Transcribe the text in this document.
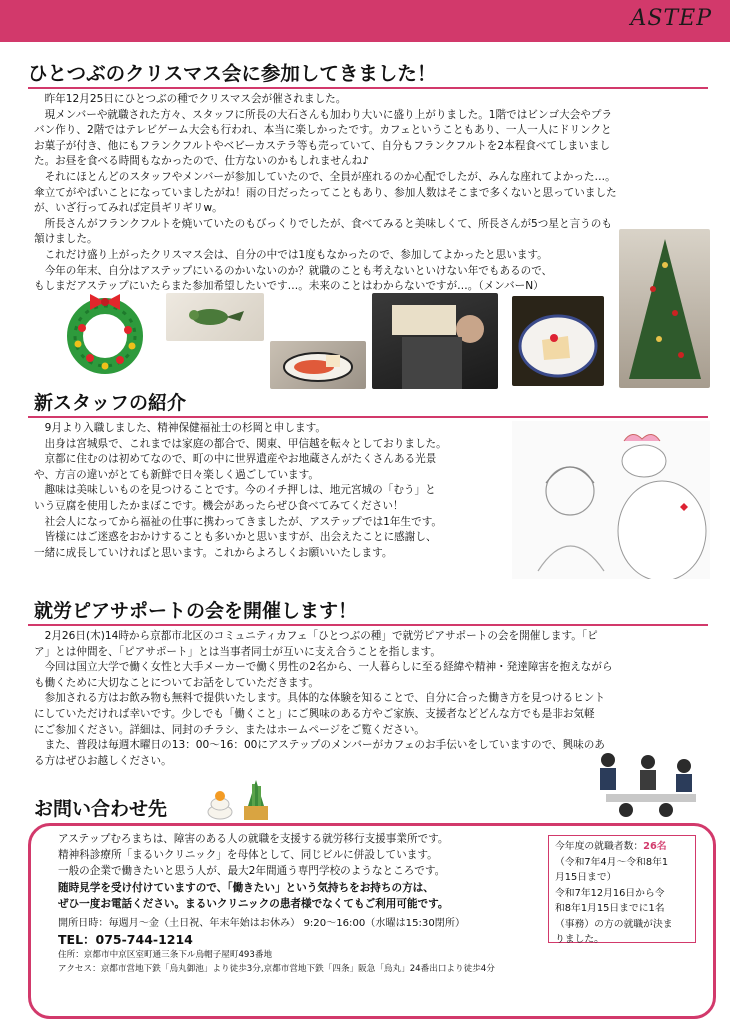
ASTEP
ひとつぶのクリスマス会に参加してきました！

昨年12月25日にひとつぶの種でクリスマス会が催されました。

現メンバーや就職された方々、スタッフに所長の大石さんも加わり大いに盛り上がりました。1階ではビンゴ大会やプラ

バン作り、2階ではテレビゲーム大会も行われ、本当に楽しかったです。カフェということもあり、一人一人にドリンクと

お菓子が付き、他にもフランクフルトやベビーカステラ等も売っていて、自分もフランクフルトを2本程食べてしまいまし

た。お昼を食べる時間もなかったので、仕方ないのかもしれませんね♪

それにほとんどのスタッフやメンバーが参加していたので、全員が座れるのか心配でしたが、みんな座れてよかった…。

傘立てがやばいことになっていましたがね！雨の日だったってこともあり、参加人数はそこまで多くないと思っていました

が、いざ行ってみれば定員ギリギリw。

所長さんがフランクフルトを焼いていたのもびっくりでしたが、食べてみると美味しくて、所長さんが5つ星と言うのも

頷けました。

これだけ盛り上がったクリスマス会は、自分の中では1度もなかったので、参加してよかったと思います。

今年の年末、自分はアステップにいるのかいないのか？就職のことも考えないといけない年でもあるので、

もしまだアステップにいたらまた参加希望したいです…。未来のことはわからないですが…。（メンバーN）

新スタッフの紹介

9月より入職しました、精神保健福祉士の杉岡と申します。

出身は宮城県で、これまでは家庭の都合で、関東、甲信越を転々としておりました。

京都に住むのは初めてなので、町の中に世界遺産やお地蔵さんがたくさんある光景

や、方言の違いがとても新鮮で日々楽しく過ごしています。

趣味は美味しいものを見つけることです。今のイチ押しは、地元宮城の「むう」と

いう豆腐を使用したかまぼこです。機会があったらぜひ食べてみてください！

社会人になってから福祉の仕事に携わってきましたが、アステップでは1年生です。

皆様にはご迷惑をおかけすることも多いかと思いますが、出会えたことに感謝し、

一緒に成長していければと思います。これからよろしくお願いいたします。

就労ピアサポートの会を開催します！

2月26日(木)14時から京都市北区のコミュニティカフェ「ひとつぶの種」で就労ピアサポートの会を開催します。「ピ

ア」とは仲間を、「ピアサポート」とは当事者同士が互いに支え合うことを指します。

今回は国立大学で働く女性と大手メーカーで働く男性の2名から、一人暮らしに至る経緯や精神・発達障害を抱えながら

も働くために大切なことについてお話をしていただきます。

参加される方はお飲み物も無料で提供いたします。具体的な体験を知ることで、自分に合った働き方を見つけるヒント

にしていただければ幸いです。少しでも「働くこと」にご興味のある方やご家族、支援者などどんな方でも是非お気軽

にご参加ください。詳細は、同封のチラシ、またはホームページをご覧ください。

また、普段は毎週木曜日の13：00〜16：00にアステップのメンバーがカフェのお手伝いをしていますので、興味のあ

る方はぜひお越しください。

お問い合わせ先
アステップむろまちは、障害のある人の就職を支援する就労移行支援事業所です。
精神科診療所「まるいクリニック」を母体として、同じビルに併設しています。
一般の企業で働きたいと思う人が、最大2年間通う専門学校のようなところです。
随時見学を受け付けていますので、「働きたい」という気持ちをお持ちの方は、
ぜひ一度お電話ください。まるいクリニックの患者様でなくてもご利用可能です。
開所日時：毎週月〜金（土日祝、年末年始はお休み） 9:20〜16:00（水曜は15:30閉所）
TEL：075-744-1214
住所：京都市中京区室町通三条下ル烏帽子屋町493番地
アクセス：京都市営地下鉄「烏丸御池」より徒歩3分,京都市営地下鉄「四条」阪急「烏丸」24番出口より徒歩4分
今年度の就職者数：26名
（令和7年4月〜令和8年1
月15日まで）
令和7年12月16日から令
和8年1月15日までに1名
（事務）の方の就職が決ま
りました。
